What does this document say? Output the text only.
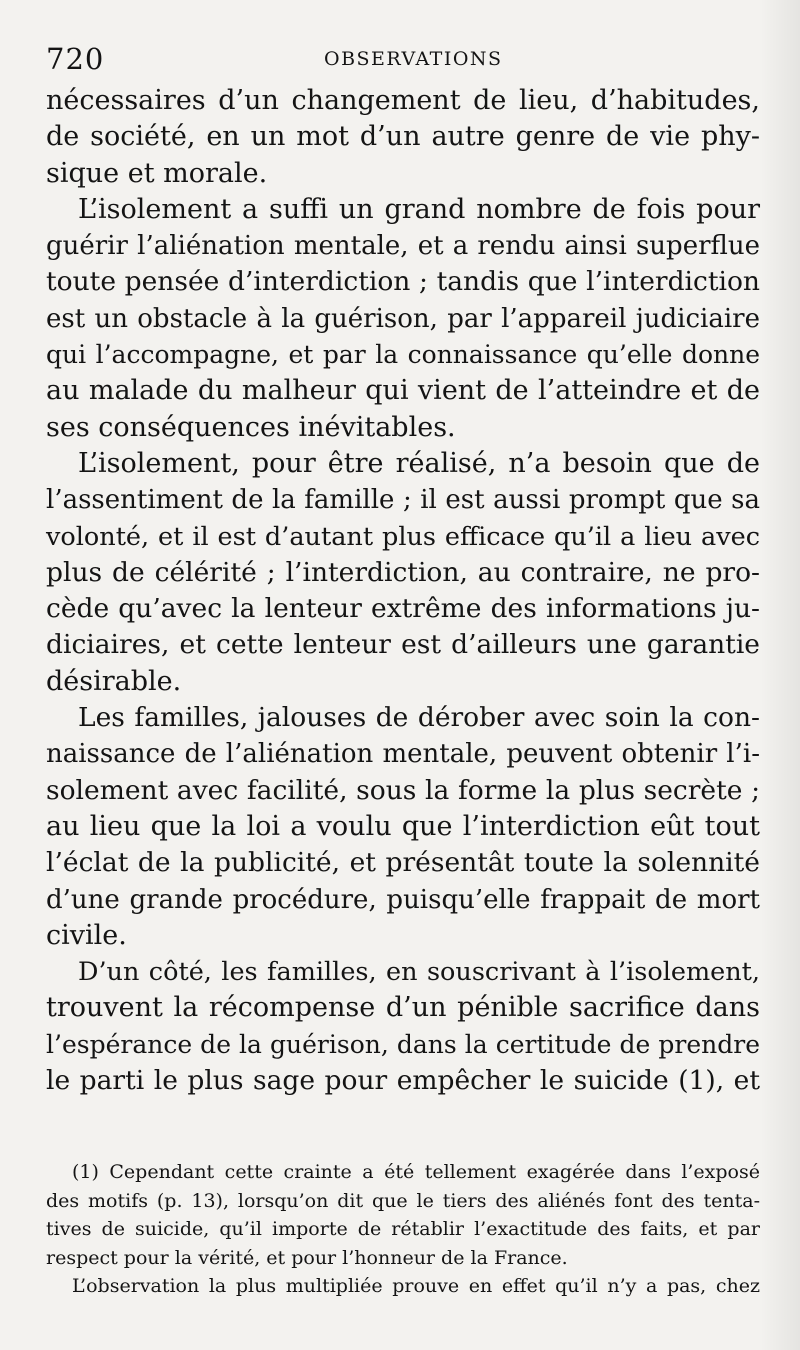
720	OBSERVATIONS
nécessaires d’un changement de lieu, d’habitudes,
de société, en un mot d’un autre genre de vie phy-
sique et morale.
L’isolement a suffi un grand nombre de fois pour
guérir l’aliénation mentale, et a rendu ainsi superflue
toute pensée d’interdiction ; tandis que l’interdiction
est un obstacle à la guérison, par l’appareil judiciaire
qui l’accompagne, et par la connaissance qu’elle donne
au malade du malheur qui vient de l’atteindre et de
ses conséquences inévitables.
L’isolement, pour être réalisé, n’a besoin que de
l’assentiment de la famille ; il est aussi prompt que sa
volonté, et il est d’autant plus efficace qu’il a lieu avec
plus de célérité ; l’interdiction, au contraire, ne pro-
cède qu’avec la lenteur extrême des informations ju-
diciaires, et cette lenteur est d’ailleurs une garantie
désirable.
Les familles, jalouses de dérober avec soin la con-
naissance de l’aliénation mentale, peuvent obtenir l’i-
solement avec facilité, sous la forme la plus secrète ;
au lieu que la loi a voulu que l’interdiction eût tout
l’éclat de la publicité, et présentât toute la solennité
d’une grande procédure, puisqu’elle frappait de mort
civile.
D’un côté, les familles, en souscrivant à l’isolement,
trouvent la récompense d’un pénible sacrifice dans
l’espérance de la guérison, dans la certitude de prendre
le parti le plus sage pour empêcher le suicide (1), et
(1) Cependant cette crainte a été tellement exagérée dans l’exposé
des motifs (p. 13), lorsqu’on dit que le tiers des aliénés font des tenta-
tives de suicide, qu’il importe de rétablir l’exactitude des faits, et par
respect pour la vérité, et pour l’honneur de la France.
L’observation la plus multipliée prouve en effet qu’il n’y a pas, chez
